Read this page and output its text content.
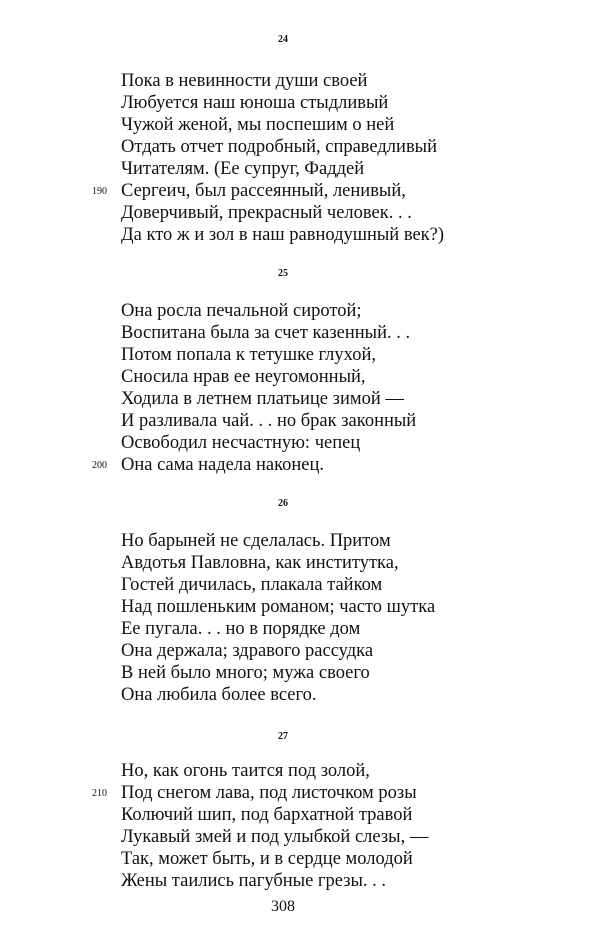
24
Пока в невинности души своей
Любуется наш юноша стыдливый
Чужой женой, мы поспешим о ней
Отдать отчет подробный, справедливый
Читателям. (Ее супруг, Фаддей
190 Сергеич, был рассеянный, ленивый,
Доверчивый, прекрасный человек. . .
Да кто ж и зол в наш равнодушный век?)
25
Она росла печальной сиротой;
Воспитана была за счет казенный. . .
Потом попала к тетушке глухой,
Сносила нрав ее неугомонный,
Ходила в летнем платьице зимой —
И разливала чай. . . но брак законный
Освободил несчастную: чепец
200 Она сама надела наконец.
26
Но барыней не сделалась. Притом
Авдотья Павловна, как институтка,
Гостей дичилась, плакала тайком
Над пошленьким романом; часто шутка
Ее пугала. . . но в порядке дом
Она держала; здравого рассудка
В ней было много; мужа своего
Она любила более всего.
27
Но, как огонь таится под золой,
210 Под снегом лава, под листочком розы
Колючий шип, под бархатной травой
Лукавый змей и под улыбкой слезы, —
Так, может быть, и в сердце молодой
Жены таились пагубные грезы. . .
308
